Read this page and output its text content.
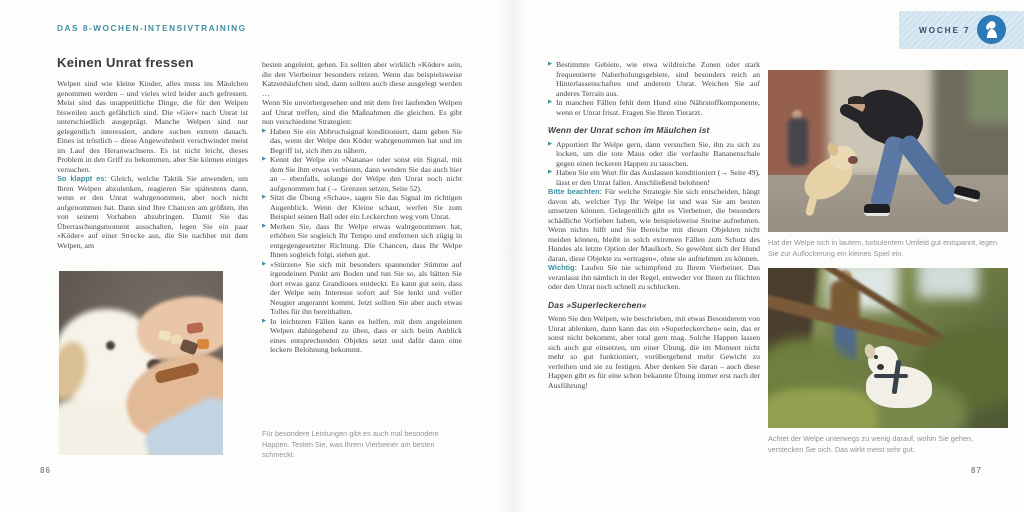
DAS 8-WOCHEN-INTENSIVTRAINING
Keinen Unrat fressen

Welpen sind wie kleine Kinder, alles muss ins Mäulchen genommen werden – und vieles wird leider auch gefressen. Meist sind das unappetitliche Dinge, die für den Welpen bisweilen auch gefährlich sind. Die »Gier« nach Unrat ist unterschiedlich ausgeprägt. Manche Welpen sind nur gelegentlich interessiert, andere suchen extrem danach. Eines ist tröstlich – diese Angewohnheit verschwindet meist im Lauf des Heranwachsens. Es ist nicht leicht, dieses Problem in den Griff zu bekommen, aber Sie können einiges versuchen.

So klappt es: Gleich, welche Taktik Sie anwenden, um Ihren Welpen abzulenken, reagieren Sie spätestens dann, wenn er den Unrat wahrgenommen, aber noch nicht aufgenommen hat. Dann sind Ihre Chancen am größten, ihn von seinem Vorhaben abzubringen. Damit Sie das Überraschungsmoment ausschalten, legen Sie ein paar »Köder« auf einer Strecke aus, die Sie nachher mit dem Welpen, am

besten angeleint, gehen. Es sollten aber wirklich »Köder« sein, die den Vierbeiner besonders reizen. Wenn das beispielsweise Katzenhäufchen sind, dann sollten auch diese ausgelegt werden …

Wenn Sie unvorhergesehen und mit dem frei laufenden Welpen auf Unrat treffen, sind die Maßnahmen die gleichen. Es gibt nun verschiedene Strategien:

▶ Haben Sie ein Abbruchsignal konditioniert, dann geben Sie das, wenn der Welpe den Köder wahrgenommen hat und im Begriff ist, sich ihm zu nähern.
▶ Kennt der Welpe ein »Nanana« oder sonst ein Signal, mit dem Sie ihm etwas verbieten, dann wenden Sie das auch hier an – ebenfalls, solange der Welpe den Unrat noch nicht aufgenommen hat (→ Grenzen setzen, Seite 52).
▶ Sitzt die Übung »Schau«, sagen Sie das Signal im richtigen Augenblick. Wenn der Kleine schaut, werfen Sie zum Beispiel seinen Ball oder ein Leckerchen weg vom Unrat.
▶ Merken Sie, dass Ihr Welpe etwas wahrgenommen hat, erhöhen Sie sogleich Ihr Tempo und entfernen sich zügig in entgegengesetzter Richtung. Die Chancen, dass Ihr Welpe Ihnen sogleich folgt, stehen gut.
▶ »Stürzen« Sie sich mit besonders spannender Stimme auf irgendeinen Punkt am Boden und tun Sie so, als hätten Sie dort etwas ganz Grandioses entdeckt. Es kann gut sein, dass der Welpe sein Interesse sofort auf Sie lenkt und voller Neugier angerannt kommt. Jetzt sollten Sie aber auch etwas Tolles für ihn bereithalten.
▶ In leichteren Fällen kann es helfen, mit dem angeleinten Welpen dahingehend zu üben, dass er sich beim Anblick eines entsprechenden Objekts setzt und dafür dann eine leckere Belohnung bekommt.
Für besondere Leistungen gibt es auch mal besondere Happen. Testen Sie, was Ihrem Vierbeiner am besten schmeckt.
86
WOCHE 7
▶ Bestimmte Gebiete, wie etwa wildreiche Zonen oder stark frequentierte Naherholungsgebiete, sind besonders reich an Hinterlassenschaften und anderem Unrat. Weichen Sie auf anderes Terrain aus.
▶ In manchen Fällen fehlt dem Hund eine Nährstoffkomponente, wenn er Unrat frisst. Fragen Sie Ihren Tierarzt.
Wenn der Unrat schon im Mäulchen ist
▶ Apportiert Ihr Welpe gern, dann versuchen Sie, ihn zu sich zu locken, um die tote Maus oder die verfaulte Bananenschale gegen einen leckeren Happen zu tauschen.
▶ Haben Sie ein Wort für das Auslassen konditioniert (→ Seite 49), lässt er den Unrat fallen. Anschließend belohnen!

Bitte beachten: Für welche Strategie Sie sich entscheiden, hängt davon ab, welcher Typ Ihr Welpe ist und was Sie am besten umsetzen können. Gelegentlich gibt es Vierbeiner, die besonders schädliche Vorlieben haben, wie beispielsweise Steine aufnehmen. Wenn nichts hilft und Sie Bereiche mit diesen Objekten nicht meiden können, bleibt in solch extremen Fällen zum Schutz des Hundes als letzte Option der Maulkorb. So gewöhnt sich der Hund daran, diese Objekte zu »ertragen«, ohne sie aufnehmen zu können.

Wichtig: Laufen Sie nie schimpfend zu Ihrem Vierbeiner. Das veranlasst ihn nämlich in der Regel, entweder vor Ihnen zu flüchten oder den Unrat noch schnell zu schlucken.

Das »Superleckerchen«

Wenn Sie den Welpen, wie beschrieben, mit etwas Besonderem von Unrat ablenken, dann kann das ein »Superleckerchen« sein, das er sonst nicht bekommt, aber total gern mag. Solche Happen lassen sich auch gut einsetzen, um einer Übung, die im Moment nicht mehr so gut funktioniert, vorübergehend mehr Gewicht zu verleihen und sie zu festigen. Aber denken Sie daran – auch diese Happen gibt es für eine schon bekannte Übung immer erst nach der Ausführung!

Hat der Welpe sich in lautem, turbulentem Umfeld gut entspannt, legen Sie zur Auflockerung ein kleines Spiel ein.
Achtet der Welpe unterwegs zu wenig darauf, wohin Sie gehen, verstecken Sie sich. Das wirkt meist sehr gut.
87
